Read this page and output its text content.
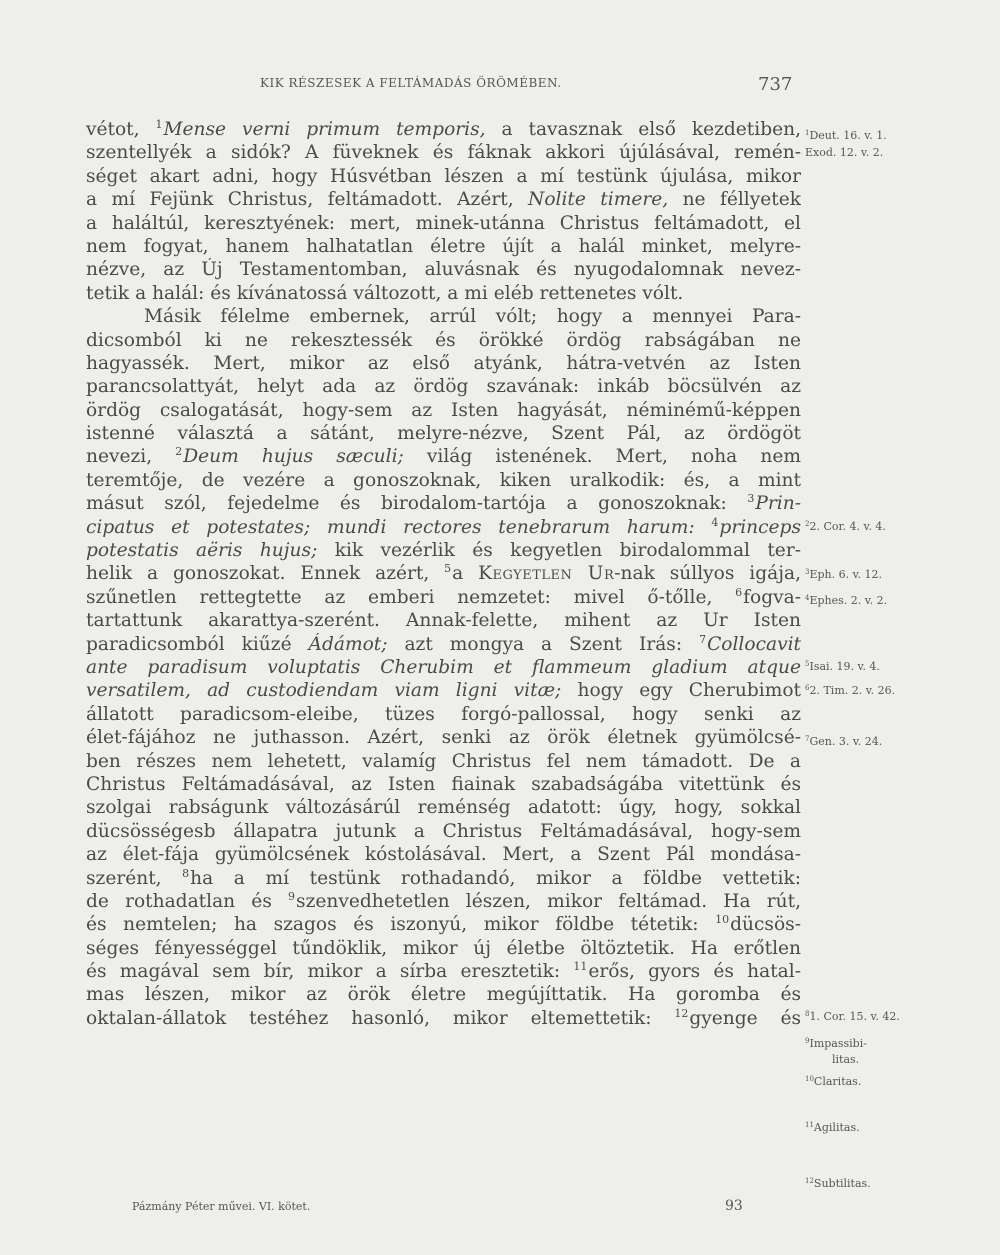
KIK RÉSZESEK A FELTÁMADÁS ÖRÖMÉBEN.	737
vétot, $^1$Mense verni primum temporis, a tavasznak első kezdetiben,
szentellyék a sidók? A füveknek és fáknak akkori újúlásával, remén-
séget akart adni, hogy Húsvétban lészen a mí testünk újulása, mikor
a mí Fejünk Christus, feltámadott. Azért, Nolite timere, ne féllyetek
a haláltúl, keresztyének: mert, minek-utánna Christus feltámadott, el
nem fogyat, hanem halhatatlan életre újít a halál minket, melyre-
nézve, az Új Testamentomban, aluvásnak és nyugodalomnak nevez-
tetik a halál: és kívánatossá változott, a mi eléb rettenetes vólt.
Másik félelme embernek, arrúl vólt; hogy a mennyei Para-
dicsomból ki ne rekesztessék és örökké ördög rabságában ne
hagyassék. Mert, mikor az első atyánk, hátra-vetvén az Isten
parancsolattyát, helyt ada az ördög szavának: inkáb böcsülvén az
ördög csalogatását, hogy-sem az Isten hagyását, néminémű-képpen
istenné választá a sátánt, melyre-nézve, Szent Pál, az ördögöt
nevezi, $^2$Deum hujus sæculi; világ istenének. Mert, noha nem
teremtője, de vezére a gonoszoknak, kiken uralkodik: és, a mint
másut szól, fejedelme és birodalom-tartója a gonoszoknak: $^3$Prin-
cipatus et potestates; mundi rectores tenebrarum harum: $^4$princeps
potestatis aëris hujus; kik vezérlik és kegyetlen birodalommal ter-
helik a gonoszokat. Ennek azért, $^5$a Kegyetlen Ur-nak súllyos igája,
szűnetlen rettegtette az emberi nemzetet: mivel ő-tőlle, $^6$fogva-
tartattunk akarattya-szerént. Annak-felette, mihent az Ur Isten
paradicsomból kiűzé Ádámot; azt mongya a Szent Irás: $^7$Collocavit
ante paradisum voluptatis Cherubim et flammeum gladium atque
versatilem, ad custodiendam viam ligni vitæ; hogy egy Cherubimot
állatott paradicsom-eleibe, tüzes forgó-pallossal, hogy senki az
élet-fájához ne juthasson. Azért, senki az örök életnek gyümölcsé-
ben részes nem lehetett, valamíg Christus fel nem támadott. De a
Christus Feltámadásával, az Isten fiainak szabadságába vitettünk és
szolgai rabságunk változásárúl reménség adatott: úgy, hogy, sokkal
dücsösségesb állapatra jutunk a Christus Feltámadásával, hogy-sem
az élet-fája gyümölcsének kóstolásával. Mert, a Szent Pál mondása-
szerént, $^8$ha a mí testünk rothadandó, mikor a földbe vettetik:
de rothadatlan és $^9$szenvedhetetlen lészen, mikor feltámad. Ha rút,
és nemtelen; ha szagos és iszonyú, mikor földbe tétetik: $^{10}$dücsös-
séges fényességgel tűndöklik, mikor új életbe öltöztetik. Ha erőtlen
és magával sem bír, mikor a sírba eresztetik: $^{11}$erős, gyors és hatal-
mas lészen, mikor az örök életre megújíttatik. Ha goromba és
oktalan-állatok testéhez hasonló, mikor eltemettetik: $^{12}$gyenge és
$^1$Deut. 16. v. 1.
Exod. 12. v. 2.
$^2$2. Cor. 4. v. 4.
$^3$Eph. 6. v. 12.
$^4$Ephes. 2. v. 2.
$^5$Isai. 19. v. 4.
$^6$2. Tim. 2. v. 26.
$^7$Gen. 3. v. 24.
$^8$1. Cor. 15. v. 42.
$^9$Impassibi-
litas.
$^{10}$Claritas.
$^{11}$Agilitas.
$^{12}$Subtilitas.
Pázmány Péter művei. VI. kötet.	93
